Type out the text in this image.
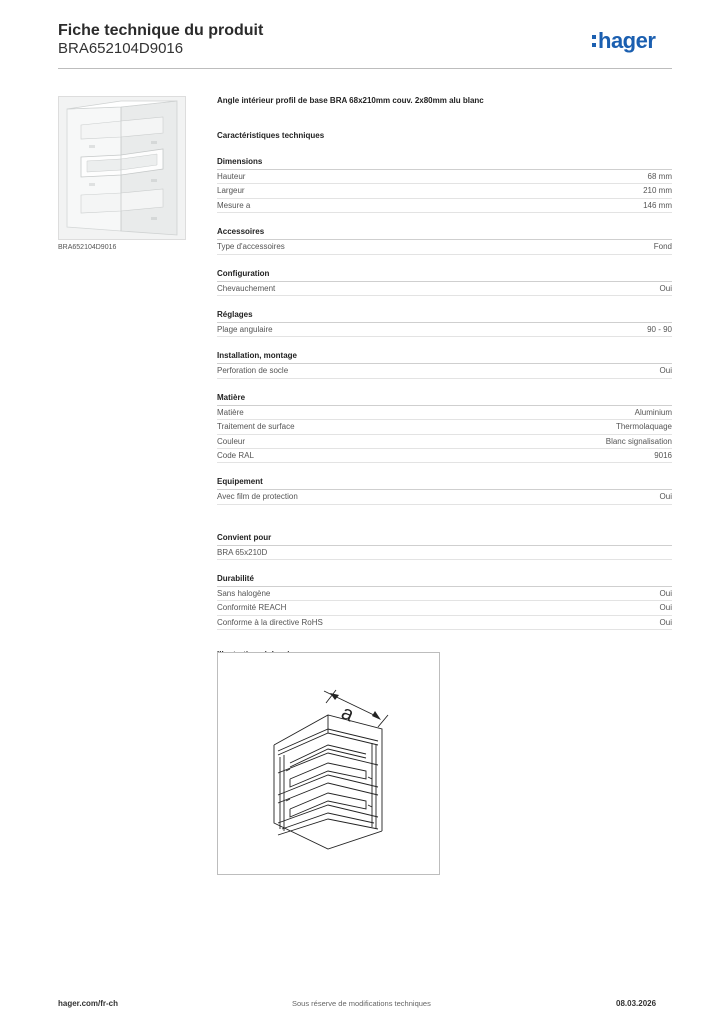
Fiche technique du produit
BRA652104D9016	hager
BRA652104D9016
Angle intérieur profil de base BRA 68x210mm couv. 2x80mm alu blanc
Caractéristiques techniques
Dimensions
Hauteur	68 mm
Largeur	210 mm
Mesure a	146 mm
Accessoires
Type d'accessoires	Fond
Configuration
Chevauchement	Oui
Réglages
Plage angulaire	90 - 90
Installation, montage
Perforation de socle	Oui
Matière
Matière	Aluminium
Traitement de surface	Thermolaquage
Couleur	Blanc signalisation
Code RAL	9016
Equipement
Avec film de protection	Oui
Convient pour
BRA 65x210D
Durabilité
Sans halogène	Oui
Conformité REACH	Oui
Conforme à la directive RoHS	Oui
a
hager.com/fr-ch	Sous réserve de modifications techniques	08.03.2026
